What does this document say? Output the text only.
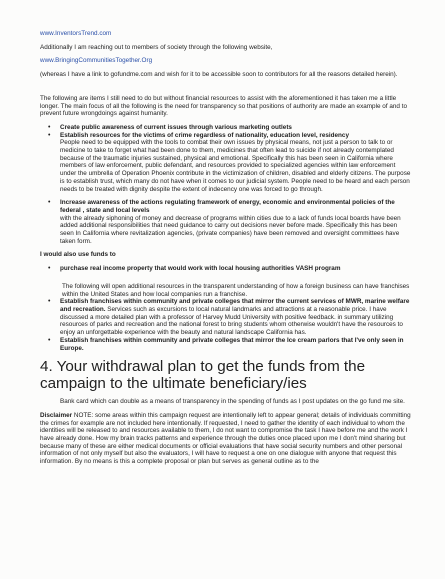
www.InventorsTrend.com

Additionally I am reaching out to members of society through the following website,

www.BringingCommunitiesTogether.Org

(whereas I have a link to gofundme.com and wish for it to be accessible soon to contributors for all the reasons detailed herein).

The following are items I still need to do but without financial resources to assist with the aforementioned it has taken me a little longer. The main focus of all the following is the need for transparency so that positions of authority are made an example of and to prevent future wrongdoings against humanity.

• Create public awareness of current issues through various marketing outlets
• Establish resources for the victims of crime regardless of nationality, education level, residency
People need to be equipped with the tools to combat their own issues by physical means, not just a person to talk to or medicine to take to forget what had been done to them, medicines that often lead to suicide if not already contemplated because of the traumatic injuries sustained, physical and emotional. Specifically this has been seen in California where members of law enforcement, public defendant, and resources provided to specialized agencies within law enforcement under the umbrella of Operation Phoenix contribute in the victimization of children, disabled and elderly citizens. The purpose is to establish trust, which many do not have when it comes to our judicial system. People need to be heard and each person needs to be treated with dignity despite the extent of indecency one was forced to go through.
• Increase awareness of the actions regulating framework of energy, economic and environmental policies of the federal , state and local levels
with the already siphoning of money and decrease of programs within cities due to a lack of funds local boards have been added additional responsibilities that need guidance to carry out decisions never before made. Specifically this has been seen In California where revitalization agencies, (private companies) have been removed and oversight committees have taken form.

I would also use funds to

• purchase real income property that would work with local housing authorities VASH program

The following will open additional resources in the transparent understanding of how a foreign business can have franchises within the United States and how local companies run a franchise.

• Establish franchises within community and private colleges that mirror the current services of MWR, marine welfare and recreation. Services such as excursions to local natural landmarks and attractions at a reasonable price. I have discussed a more detailed plan with a professor of Harvey Mudd University with positive feedback. in summary utilizing resources of parks and recreation and the national forest to bring students whom otherwise wouldn't have the resources to enjoy an unforgettable experience with the beauty and natural landscape California has.
• Establish franchises within community and private colleges that mirror the Ice cream parlors that I've only seen in Europe.
4. Your withdrawal plan to get the funds from the campaign to the ultimate beneficiary/ies

Bank card which can double as a means of transparency in the spending of funds as I post updates on the go fund me site.

Disclaimer NOTE: some areas within this campaign request are intentionally left to appear general; details of individuals committing the crimes for example are not included here intentionally. If requested, I need to gather the identity of each individual to whom the identities will be released to and resources available to them, I do not want to compromise the task I have before me and the work I have already done. How my brain tracks patterns and experience through the duties once placed upon me I don't mind sharing but because many of these are either medical documents or official evaluations that have social security numbers and other personal information of not only myself but also the evaluators, I will have to request a one on one dialogue with anyone that request this information. By no means is this a complete proposal or plan but serves as general outline as to the
